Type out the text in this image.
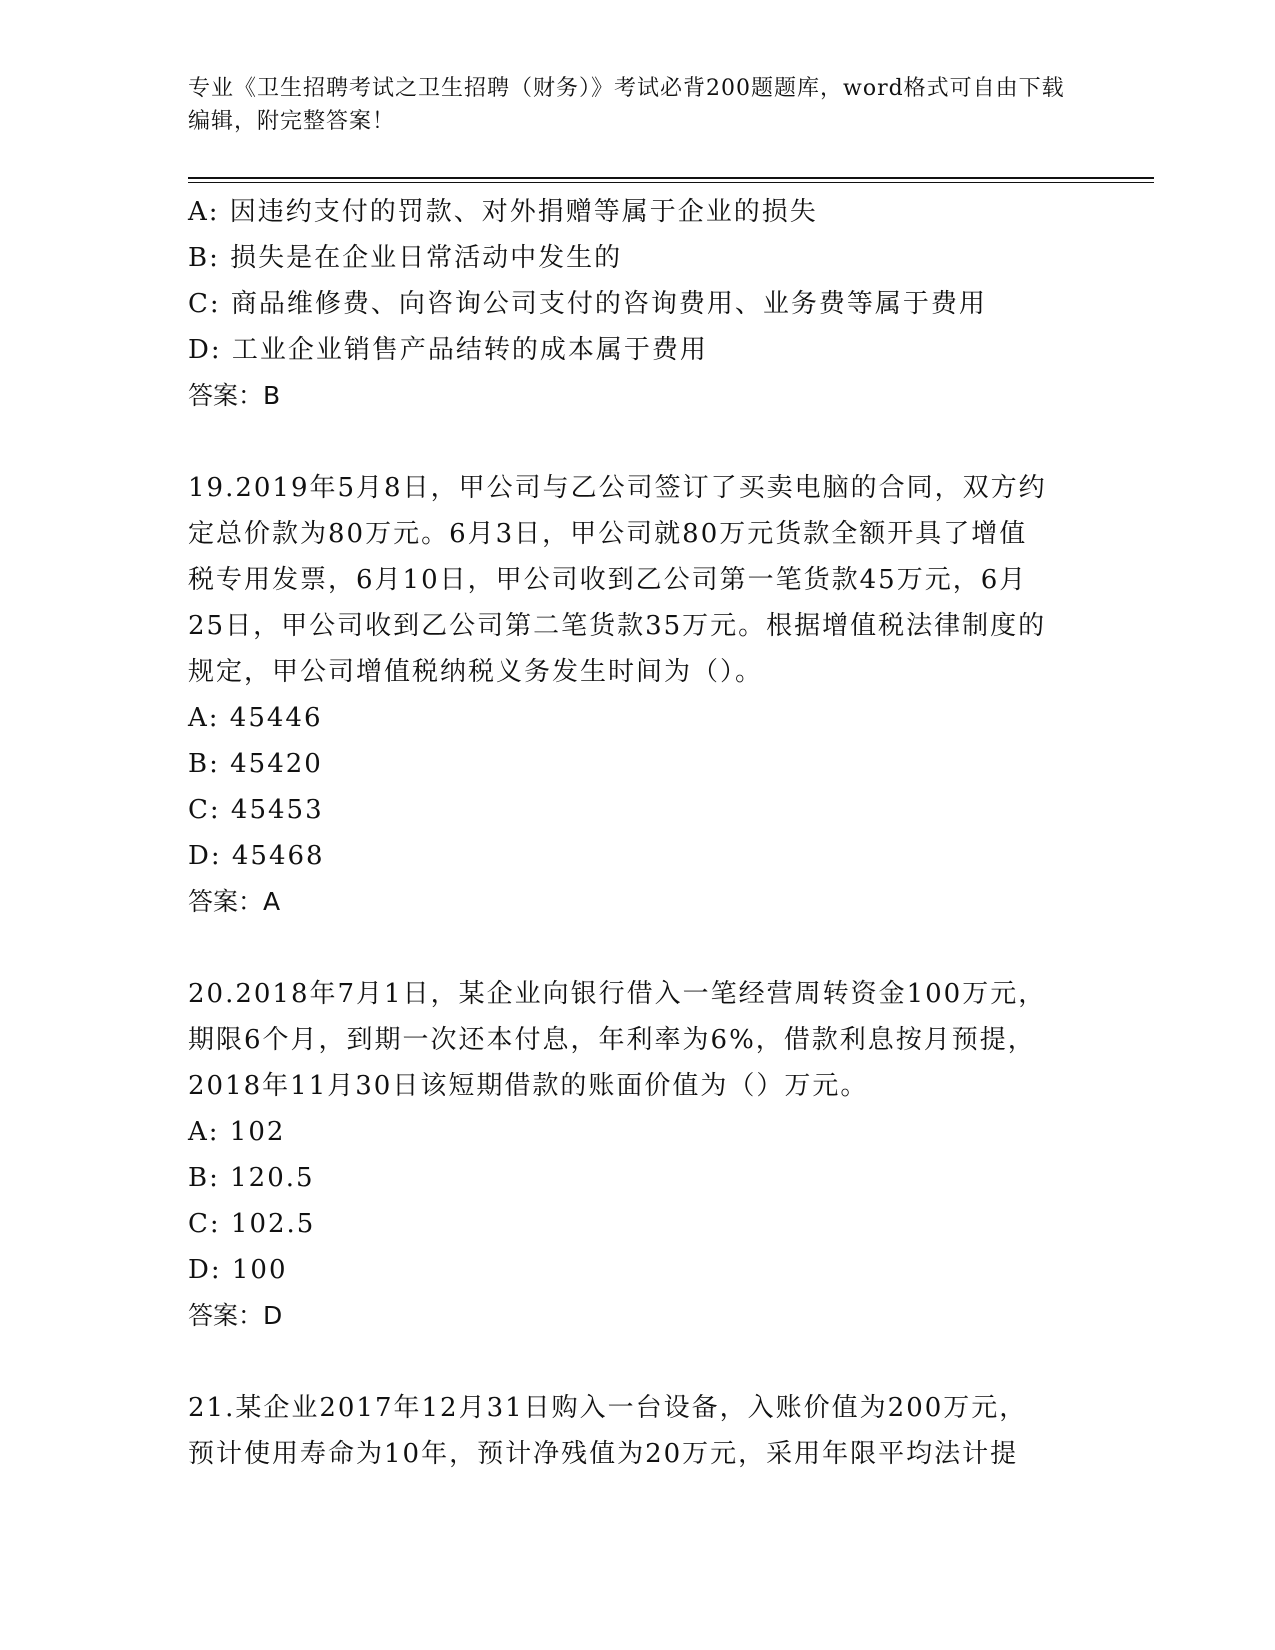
专业《卫生招聘考试之卫生招聘（财务）》考试必背200题题库，word格式可自由下载编辑，附完整答案！
A: 因违约支付的罚款、对外捐赠等属于企业的损失
B: 损失是在企业日常活动中发生的
C: 商品维修费、向咨询公司支付的咨询费用、业务费等属于费用
D: 工业企业销售产品结转的成本属于费用
答案：B
19.2019年5月8日，甲公司与乙公司签订了买卖电脑的合同，双方约
定总价款为80万元。6月3日，甲公司就80万元货款全额开具了增值
税专用发票，6月10日，甲公司收到乙公司第一笔货款45万元，6月
25日，甲公司收到乙公司第二笔货款35万元。根据增值税法律制度的
规定，甲公司增值税纳税义务发生时间为（）。
A: 45446
B: 45420
C: 45453
D: 45468
答案：A
20.2018年7月1日，某企业向银行借入一笔经营周转资金100万元，
期限6个月，到期一次还本付息，年利率为6%，借款利息按月预提，
2018年11月30日该短期借款的账面价值为（）万元。
A: 102
B: 120.5
C: 102.5
D: 100
答案：D
21.某企业2017年12月31日购入一台设备，入账价值为200万元，
预计使用寿命为10年，预计净残值为20万元，采用年限平均法计提
